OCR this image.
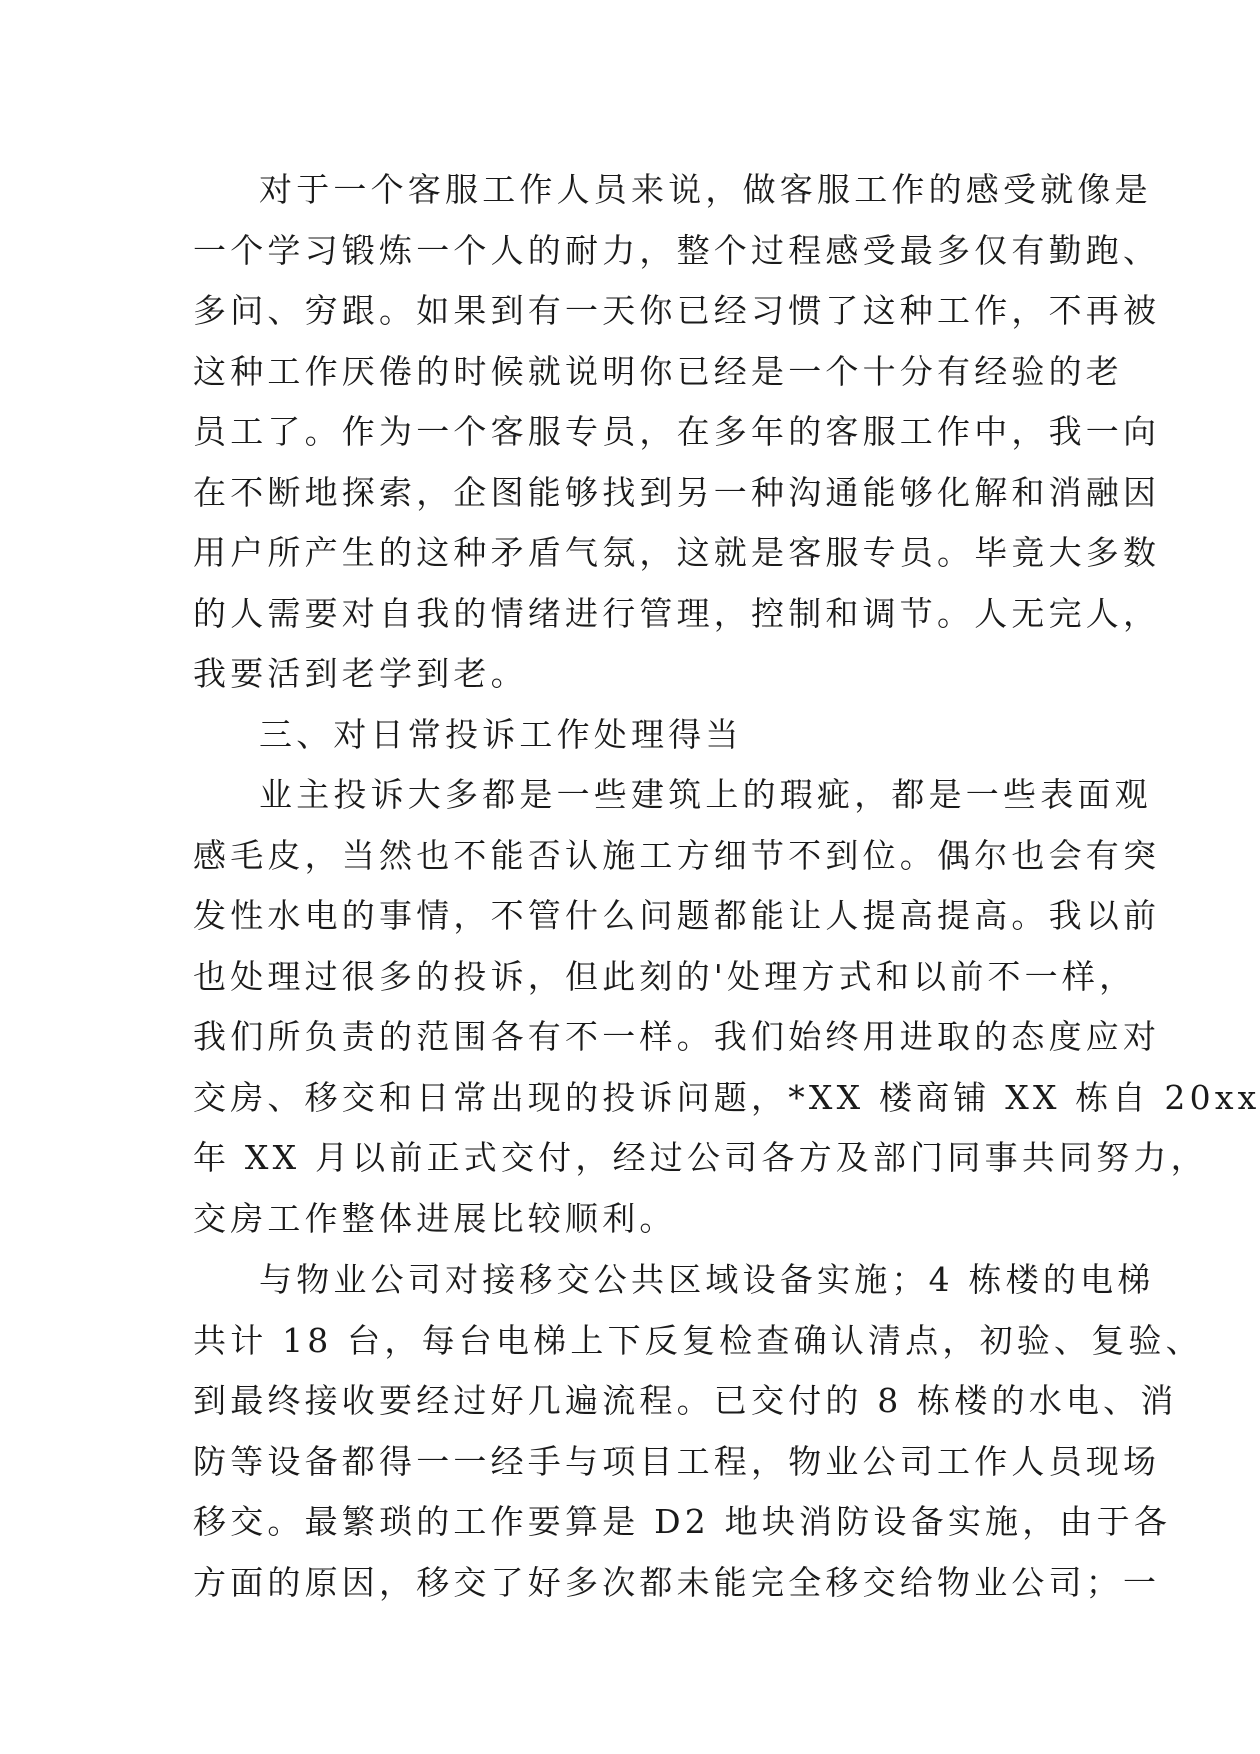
对于一个客服工作人员来说，做客服工作的感受就像是
一个学习锻炼一个人的耐力，整个过程感受最多仅有勤跑、
多问、穷跟。如果到有一天你已经习惯了这种工作，不再被
这种工作厌倦的时候就说明你已经是一个十分有经验的老
员工了。作为一个客服专员，在多年的客服工作中，我一向
在不断地探索，企图能够找到另一种沟通能够化解和消融因
用户所产生的这种矛盾气氛，这就是客服专员。毕竟大多数
的人需要对自我的情绪进行管理，控制和调节。人无完人，
我要活到老学到老。
三、对日常投诉工作处理得当
业主投诉大多都是一些建筑上的瑕疵，都是一些表面观
感毛皮，当然也不能否认施工方细节不到位。偶尔也会有突
发性水电的事情，不管什么问题都能让人提高提高。我以前
也处理过很多的投诉，但此刻的'处理方式和以前不一样，
我们所负责的范围各有不一样。我们始终用进取的态度应对
交房、移交和日常出现的投诉问题，*XX 楼商铺 XX 栋自 20xx
年 XX 月以前正式交付，经过公司各方及部门同事共同努力，
交房工作整体进展比较顺利。
与物业公司对接移交公共区域设备实施；4 栋楼的电梯
共计 18 台，每台电梯上下反复检查确认清点，初验、复验、
到最终接收要经过好几遍流程。已交付的 8 栋楼的水电、消
防等设备都得一一经手与项目工程，物业公司工作人员现场
移交。最繁琐的工作要算是 D2 地块消防设备实施，由于各
方面的原因，移交了好多次都未能完全移交给物业公司；一
